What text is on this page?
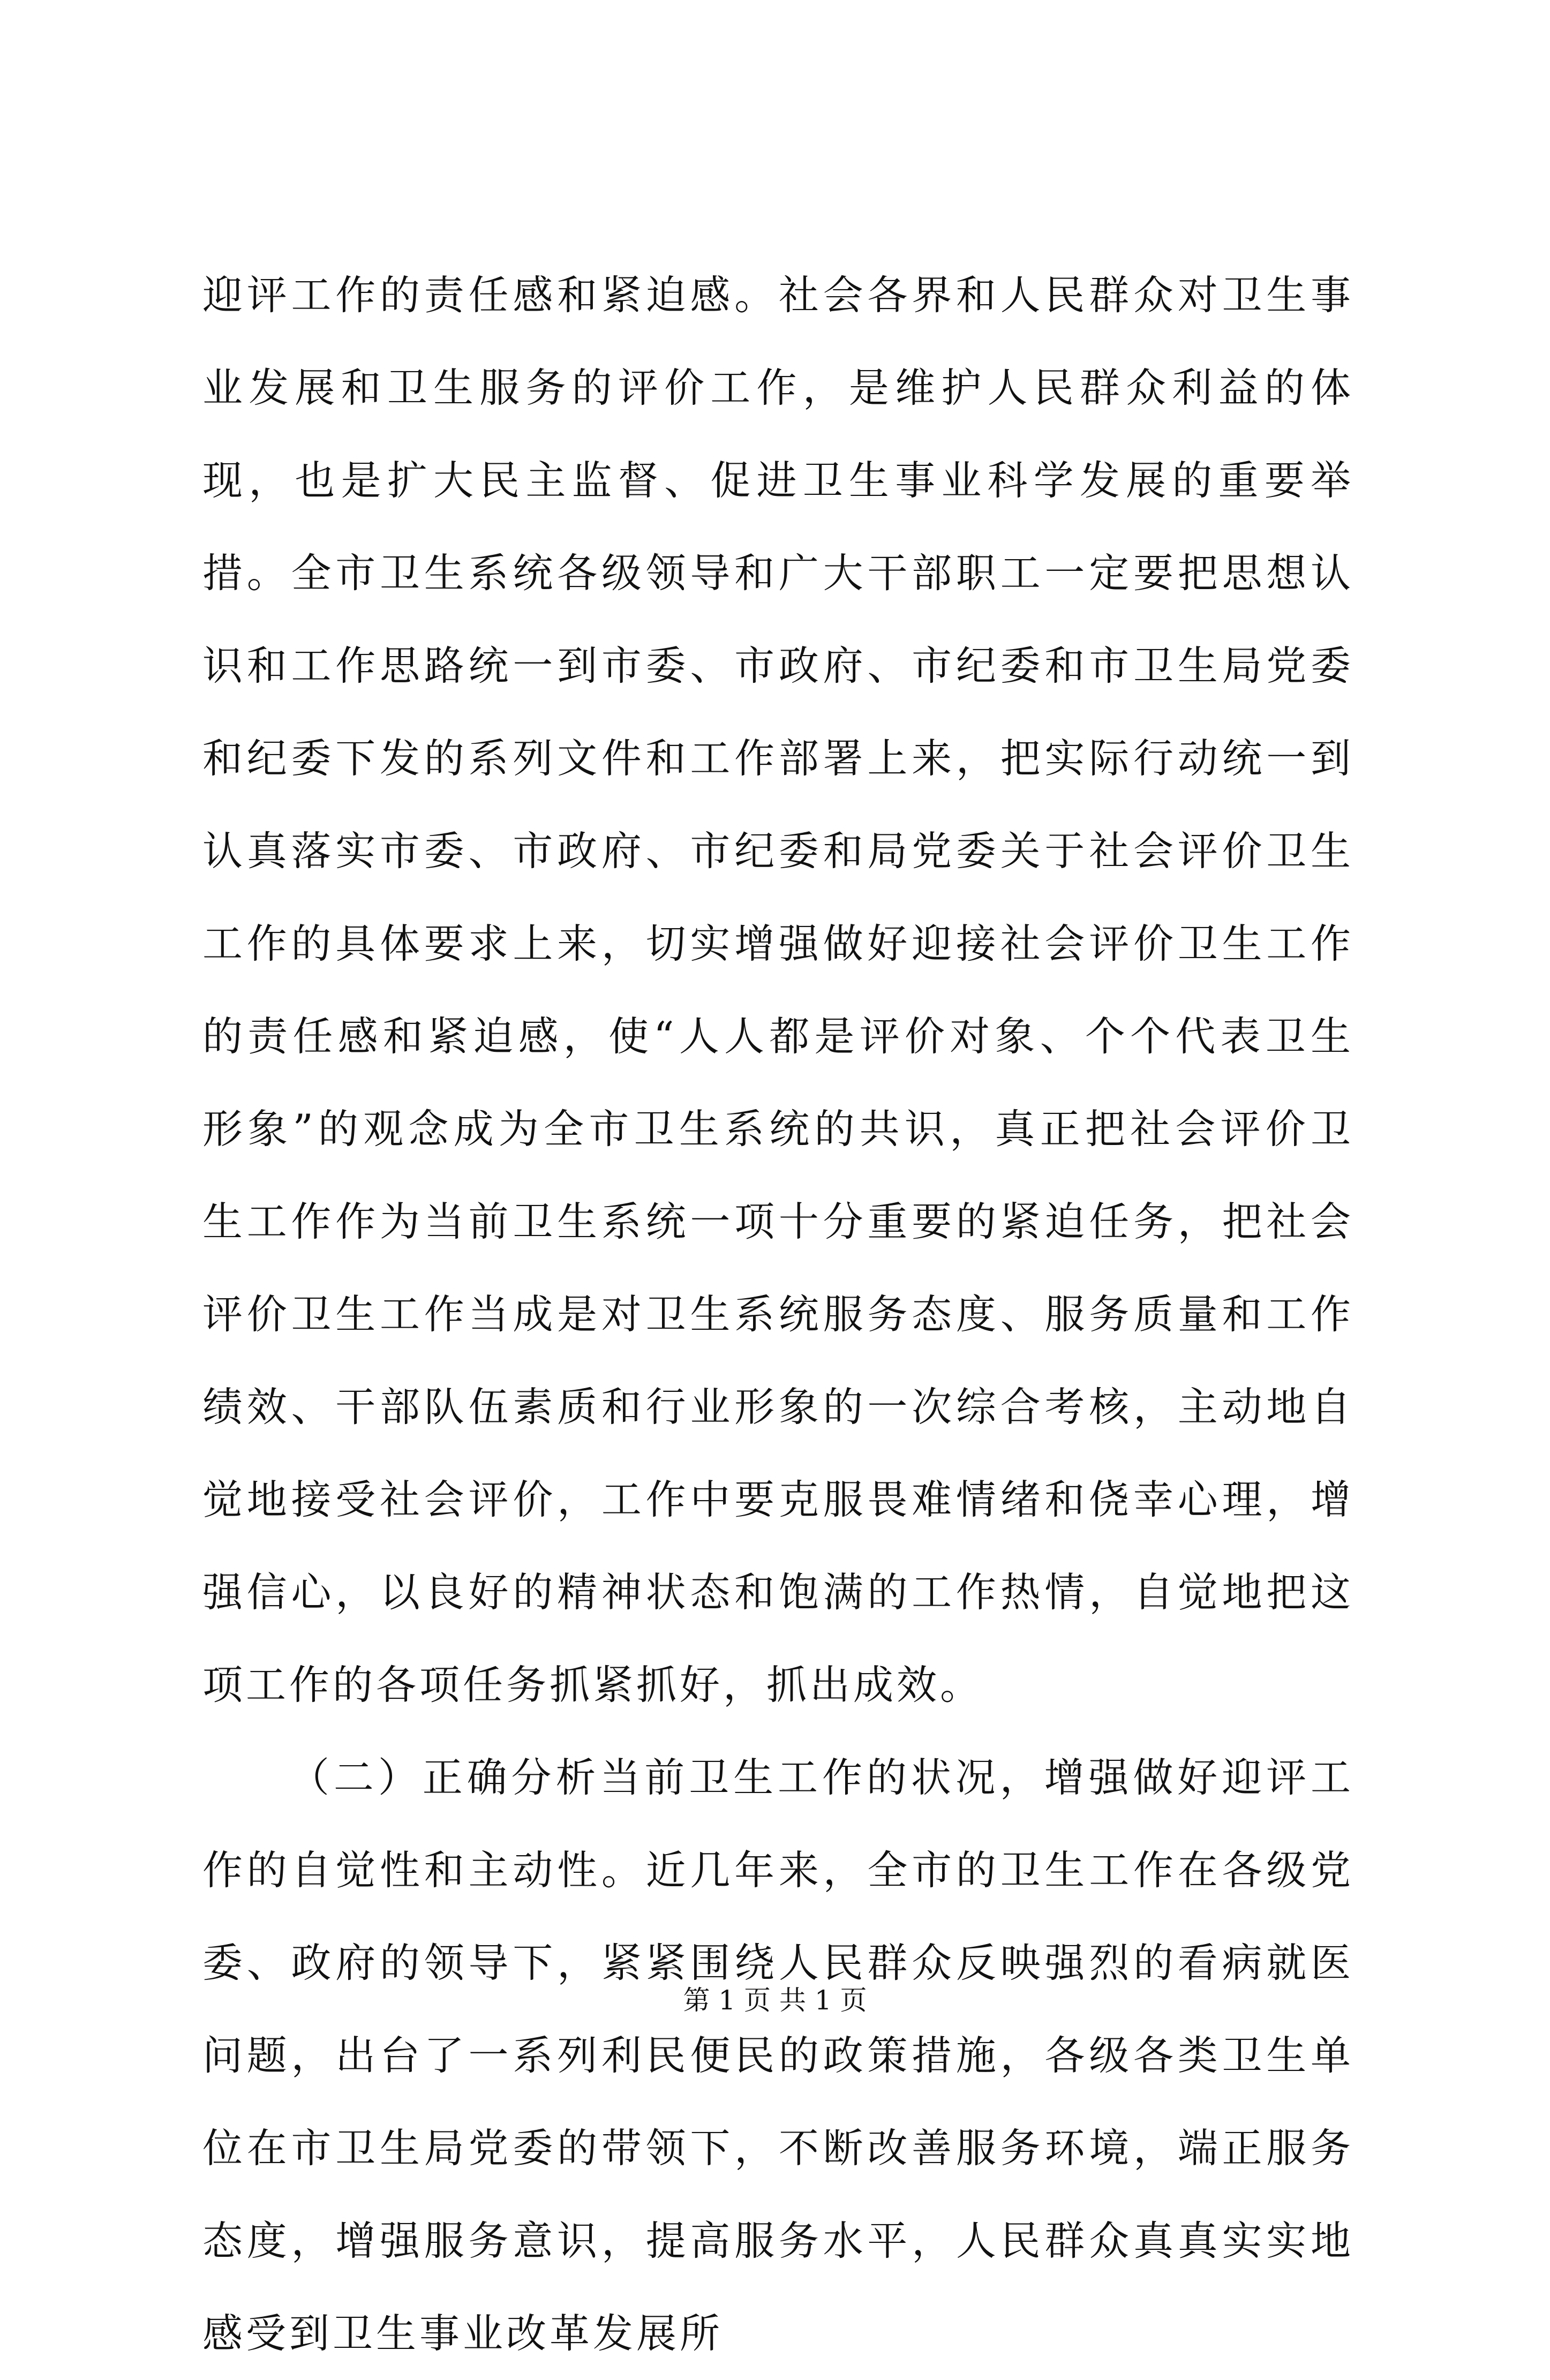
迎评工作的责任感和紧迫感。社会各界和人民群众对卫生事业发展和卫生服务的评价工作，是维护人民群众利益的体现，也是扩大民主监督、促进卫生事业科学发展的重要举措。全市卫生系统各级领导和广大干部职工一定要把思想认识和工作思路统一到市委、市政府、市纪委和市卫生局党委和纪委下发的系列文件和工作部署上来，把实际行动统一到认真落实市委、市政府、市纪委和局党委关于社会评价卫生工作的具体要求上来，切实增强做好迎接社会评价卫生工作的责任感和紧迫感，使“人人都是评价对象、个个代表卫生形象”的观念成为全市卫生系统的共识，真正把社会评价卫生工作作为当前卫生系统一项十分重要的紧迫任务，把社会评价卫生工作当成是对卫生系统服务态度、服务质量和工作绩效、干部队伍素质和行业形象的一次综合考核，主动地自觉地接受社会评价，工作中要克服畏难情绪和侥幸心理，增强信心，以良好的精神状态和饱满的工作热情，自觉地把这项工作的各项任务抓紧抓好，抓出成效。

（二）正确分析当前卫生工作的状况，增强做好迎评工作的自觉性和主动性。近几年来，全市的卫生工作在各级党委、政府的领导下，紧紧围绕人民群众反映强烈的看病就医问题，出台了一系列利民便民的政策措施，各级各类卫生单位在市卫生局党委的带领下，不断改善服务环境，端正服务态度，增强服务意识，提高服务水平，人民群众真真实实地感受到卫生事业改革发展所

第 1 页 共 1 页
